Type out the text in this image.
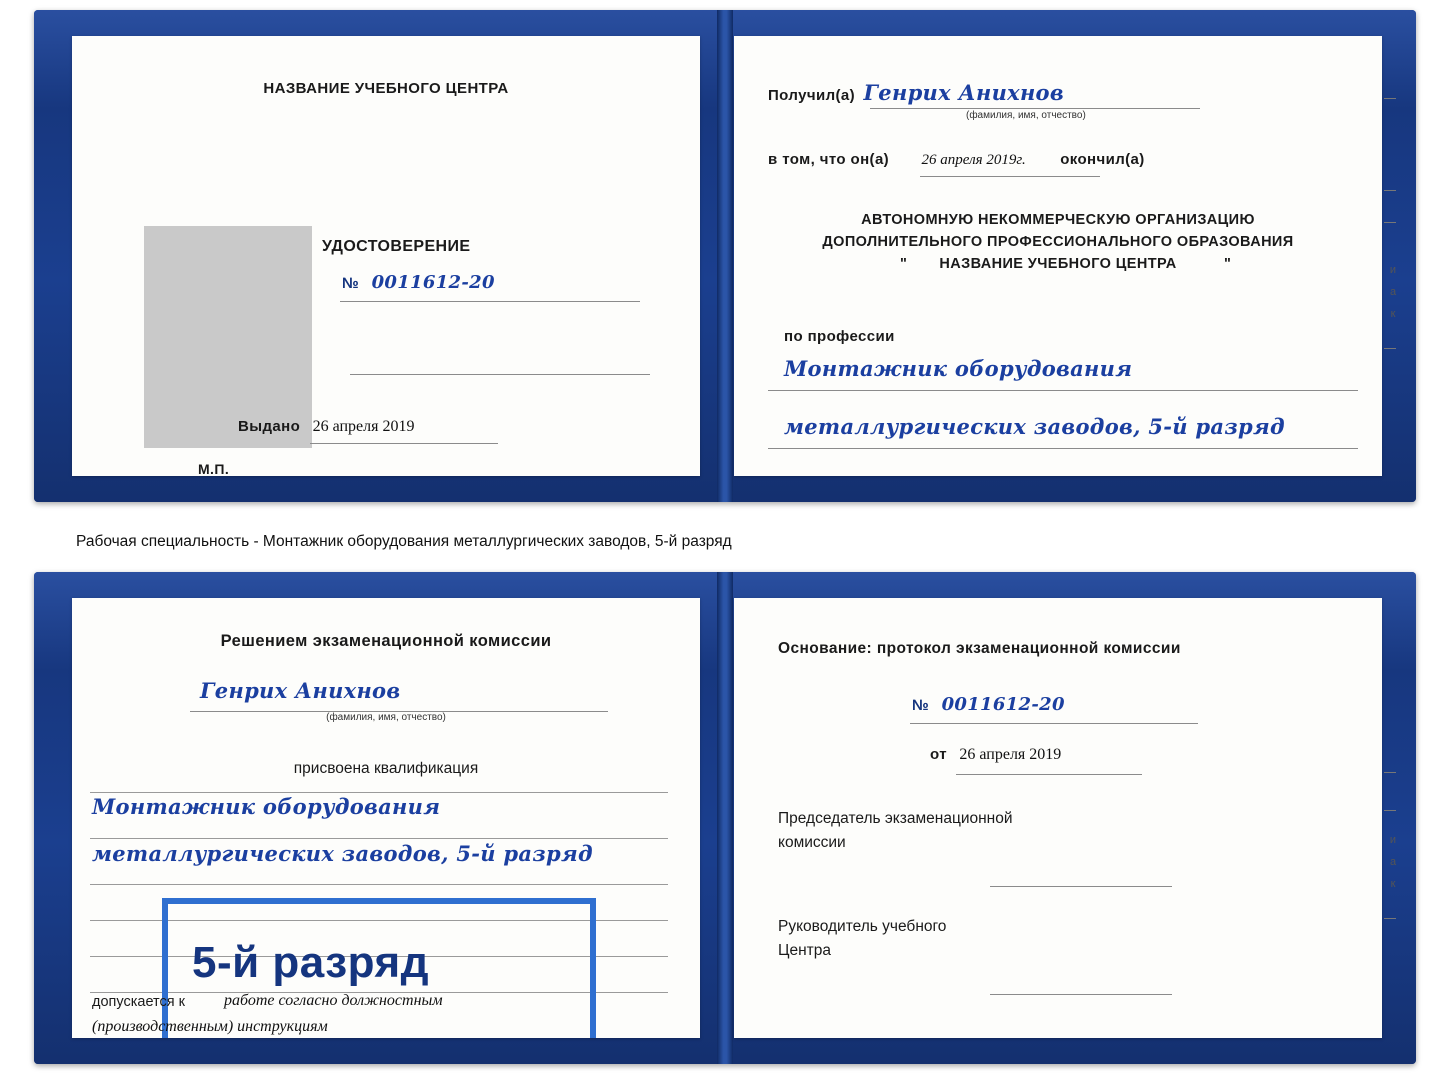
НАЗВАНИЕ УЧЕБНОГО ЦЕНТРА
УДОСТОВЕРЕНИЕ
№ 0011612-20
Выдано 26 апреля 2019
М.П.
Получил(а) Генрих Анихнов
(фамилия, имя, отчество)
в том, что он(а) 26 апреля 2019г. окончил(а)
АВТОНОМНУЮ НЕКОММЕРЧЕСКУЮ ОРГАНИЗАЦИЮ
ДОПОЛНИТЕЛЬНОГО ПРОФЕССИОНАЛЬНОГО ОБРАЗОВАНИЯ
"	НАЗВАНИЕ УЧЕБНОГО ЦЕНТРА	"
по профессии
Монтажник оборудования
металлургических заводов, 5-й разряд
и
а
к
Рабочая специальность - Монтажник оборудования металлургических заводов, 5-й разряд
Решением экзаменационной комиссии
Генрих Анихнов
(фамилия, имя, отчество)
присвоена квалификация
Монтажник оборудования
металлургических заводов, 5-й разряд
5-й разряд
допускается к работе согласно должностным
(производственным) инструкциям
Основание: протокол экзаменационной комиссии
№ 0011612-20
от 26 апреля 2019
Председатель экзаменационной
комиссии
Руководитель учебного
Центра
и
а
к
